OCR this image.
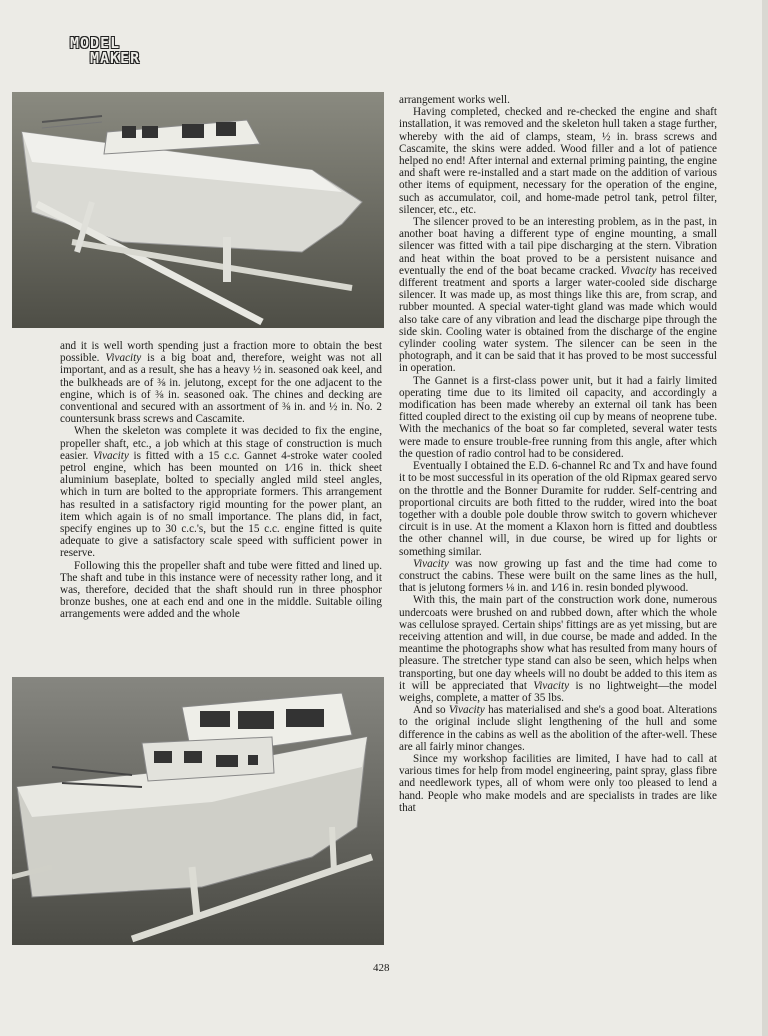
MODEL
MAKER

and it is well worth spending just a fraction more to obtain the best possible. Vivacity is a big boat and, therefore, weight was not all important, and as a result, she has a heavy ½ in. seasoned oak keel, and the bulkheads are of ⅜ in. jelutong, except for the one adjacent to the engine, which is of ⅜ in. seasoned oak. The chines and decking are conventional and secured with an assortment of ⅜ in. and ½ in. No. 2 countersunk brass screws and Cascamite.

When the skeleton was complete it was decided to fix the engine, propeller shaft, etc., a job which at this stage of construction is much easier. Vivacity is fitted with a 15 c.c. Gannet 4-stroke water cooled petrol engine, which has been mounted on 1⁄16 in. thick sheet aluminium baseplate, bolted to specially angled mild steel angles, which in turn are bolted to the appropriate formers. This arrangement has resulted in a satisfactory rigid mounting for the power plant, an item which again is of no small importance. The plans did, in fact, specify engines up to 30 c.c.'s, but the 15 c.c. engine fitted is quite adequate to give a satisfactory scale speed with sufficient power in reserve.

Following this the propeller shaft and tube were fitted and lined up. The shaft and tube in this instance were of necessity rather long, and it was, therefore, decided that the shaft should run in three phosphor bronze bushes, one at each end and one in the middle. Suitable oiling arrangements were added and the whole

arrangement works well.

Having completed, checked and re-checked the engine and shaft installation, it was removed and the skeleton hull taken a stage further, whereby with the aid of clamps, steam, ½ in. brass screws and Cascamite, the skins were added. Wood filler and a lot of patience helped no end! After internal and external priming painting, the engine and shaft were re-installed and a start made on the addition of various other items of equipment, necessary for the operation of the engine, such as accumulator, coil, and home-made petrol tank, petrol filter, silencer, etc., etc.

The silencer proved to be an interesting problem, as in the past, in another boat having a different type of engine mounting, a small silencer was fitted with a tail pipe discharging at the stern. Vibration and heat within the boat proved to be a persistent nuisance and eventually the end of the boat became cracked. Vivacity has received different treatment and sports a larger water-cooled side discharge silencer. It was made up, as most things like this are, from scrap, and rubber mounted. A special water-tight gland was made which would also take care of any vibration and lead the discharge pipe through the side skin. Cooling water is obtained from the discharge of the engine cylinder cooling water system. The silencer can be seen in the photograph, and it can be said that it has proved to be most successful in operation.

The Gannet is a first-class power unit, but it had a fairly limited operating time due to its limited oil capacity, and accordingly a modification has been made whereby an external oil tank has been fitted coupled direct to the existing oil cup by means of neoprene tube. With the mechanics of the boat so far completed, several water tests were made to ensure trouble-free running from this angle, after which the question of radio control had to be considered.

Eventually I obtained the E.D. 6-channel Rc and Tx and have found it to be most successful in its operation of the old Ripmax geared servo on the throttle and the Bonner Duramite for rudder. Self-centring and proportional circuits are both fitted to the rudder, wired into the boat together with a double pole double throw switch to govern whichever circuit is in use. At the moment a Klaxon horn is fitted and doubtless the other channel will, in due course, be wired up for lights or something similar.

Vivacity was now growing up fast and the time had come to construct the cabins. These were built on the same lines as the hull, that is jelutong formers ⅛ in. and 1⁄16 in. resin bonded plywood.

With this, the main part of the construction work done, numerous undercoats were brushed on and rubbed down, after which the whole was cellulose sprayed. Certain ships' fittings are as yet missing, but are receiving attention and will, in due course, be made and added. In the meantime the photographs show what has resulted from many hours of pleasure. The stretcher type stand can also be seen, which helps when transporting, but one day wheels will no doubt be added to this item as it will be appreciated that Vivacity is no lightweight—the model weighs, complete, a matter of 35 lbs.

And so Vivacity has materialised and she's a good boat. Alterations to the original include slight lengthening of the hull and some difference in the cabins as well as the abolition of the after-well. These are all fairly minor changes.

Since my workshop facilities are limited, I have had to call at various times for help from model engineering, paint spray, glass fibre and needlework types, all of whom were only too pleased to lend a hand. People who make models and are specialists in trades are like that

428
